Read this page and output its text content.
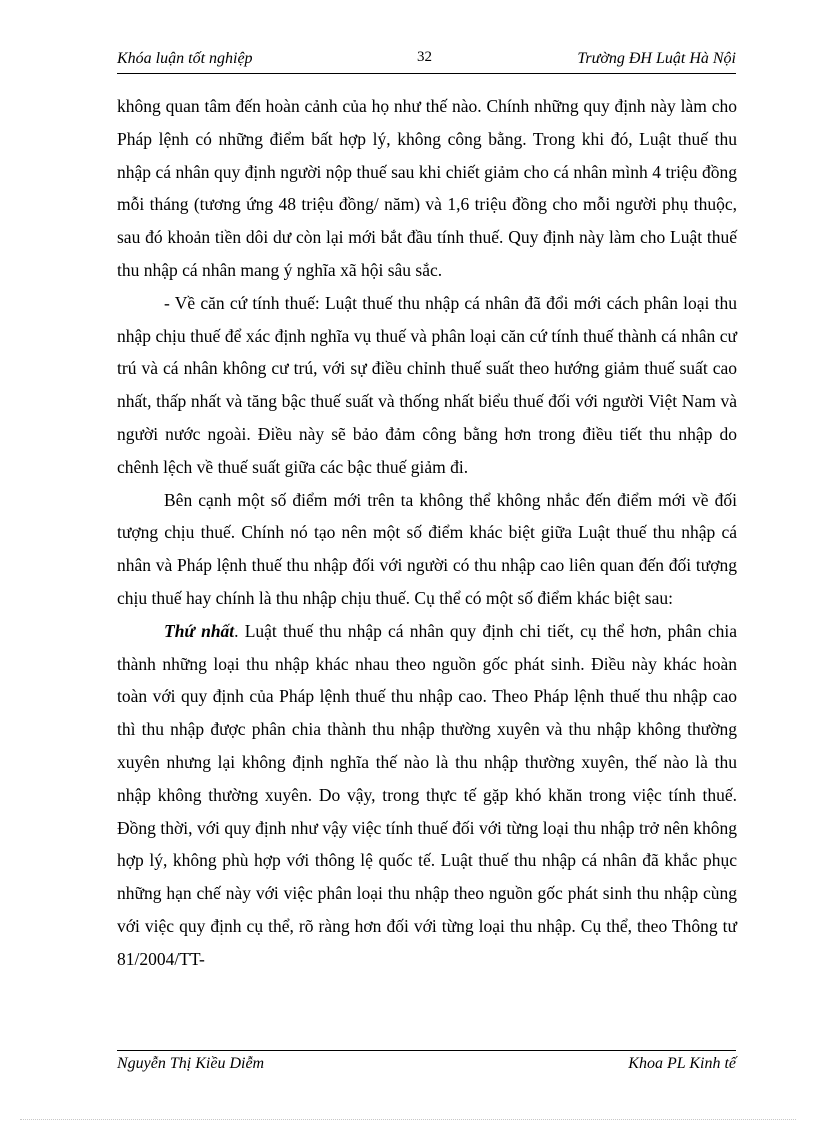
Khóa luận tốt nghiệp	32	Trường ĐH Luật Hà Nội

không quan tâm đến hoàn cảnh của họ như thế nào. Chính những quy định này làm cho Pháp lệnh có những điểm bất hợp lý, không công bằng. Trong khi đó, Luật thuế thu nhập cá nhân quy định người nộp thuế sau khi chiết giảm cho cá nhân mình 4 triệu đồng mỗi tháng (tương ứng 48 triệu đồng/ năm) và 1,6 triệu đồng cho mỗi người phụ thuộc, sau đó khoản tiền dôi dư còn lại mới bắt đầu tính thuế. Quy định này làm cho Luật thuế thu nhập cá nhân mang ý nghĩa xã hội sâu sắc.

- Về căn cứ tính thuế: Luật thuế thu nhập cá nhân đã đổi mới cách phân loại thu nhập chịu thuế để xác định nghĩa vụ thuế và phân loại căn cứ tính thuế thành cá nhân cư trú và cá nhân không cư trú, với sự điều chỉnh thuế suất theo hướng giảm thuế suất cao nhất, thấp nhất và tăng bậc thuế suất và thống nhất biểu thuế đối với người Việt Nam và người nước ngoài. Điều này sẽ bảo đảm công bằng hơn trong điều tiết thu nhập do chênh lệch về thuế suất giữa các bậc thuế giảm đi.

Bên cạnh một số điểm mới trên ta không thể không nhắc đến điểm mới về đối tượng chịu thuế. Chính nó tạo nên một số điểm khác biệt giữa Luật thuế thu nhập cá nhân và Pháp lệnh thuế thu nhập đối với người có thu nhập cao liên quan đến đối tượng chịu thuế hay chính là thu nhập chịu thuế. Cụ thể có một số điểm khác biệt sau:

Thứ nhất. Luật thuế thu nhập cá nhân quy định chi tiết, cụ thể hơn, phân chia thành những loại thu nhập khác nhau theo nguồn gốc phát sinh. Điều này khác hoàn toàn với quy định của Pháp lệnh thuế thu nhập cao. Theo Pháp lệnh thuế thu nhập cao thì thu nhập được phân chia thành thu nhập thường xuyên và thu nhập không thường xuyên nhưng lại không định nghĩa thế nào là thu nhập thường xuyên, thế nào là thu nhập không thường xuyên. Do vậy, trong thực tế gặp khó khăn trong việc tính thuế. Đồng thời, với quy định như vậy việc tính thuế đối với từng loại thu nhập trở nên không hợp lý, không phù hợp với thông lệ quốc tế. Luật thuế thu nhập cá nhân đã khắc phục những hạn chế này với việc phân loại thu nhập theo nguồn gốc phát sinh thu nhập cùng với việc quy định cụ thể, rõ ràng hơn đối với từng loại thu nhập. Cụ thể, theo Thông tư 81/2004/TT-

Nguyễn Thị Kiều Diễm	Khoa PL Kinh tế
